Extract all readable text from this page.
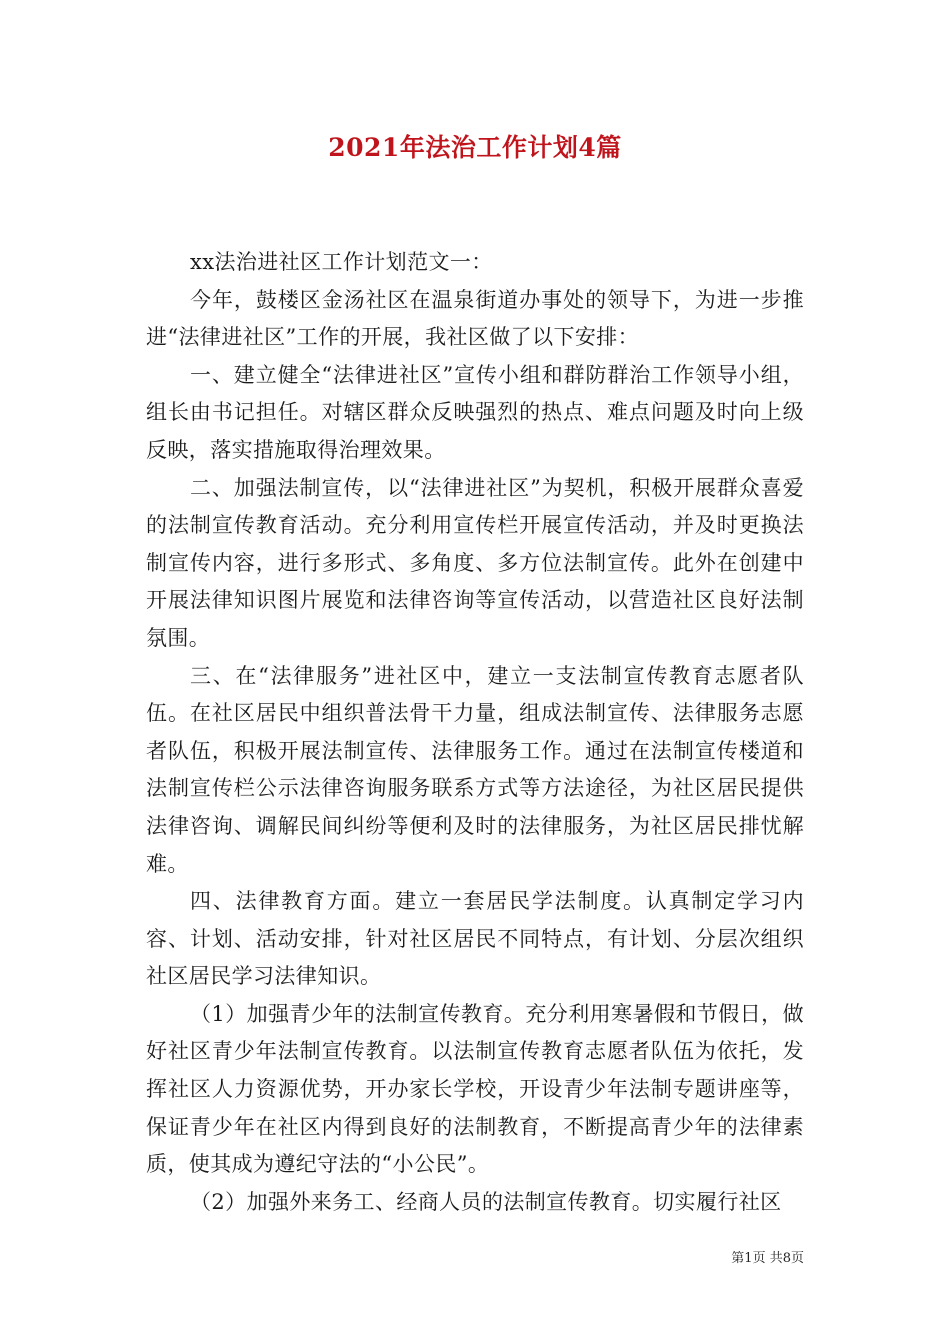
2021年法治工作计划4篇

xx法治进社区工作计划范文一：

今年，鼓楼区金汤社区在温泉街道办事处的领导下，为进一步推进“法律进社区”工作的开展，我社区做了以下安排：

一、建立健全“法律进社区”宣传小组和群防群治工作领导小组，组长由书记担任。对辖区群众反映强烈的热点、难点问题及时向上级反映，落实措施取得治理效果。

二、加强法制宣传，以“法律进社区”为契机，积极开展群众喜爱的法制宣传教育活动。充分利用宣传栏开展宣传活动，并及时更换法制宣传内容，进行多形式、多角度、多方位法制宣传。此外在创建中开展法律知识图片展览和法律咨询等宣传活动，以营造社区良好法制氛围。

三、在“法律服务”进社区中，建立一支法制宣传教育志愿者队伍。在社区居民中组织普法骨干力量，组成法制宣传、法律服务志愿者队伍，积极开展法制宣传、法律服务工作。通过在法制宣传楼道和法制宣传栏公示法律咨询服务联系方式等方法途径，为社区居民提供法律咨询、调解民间纠纷等便利及时的法律服务，为社区居民排忧解难。

四、法律教育方面。建立一套居民学法制度。认真制定学习内容、计划、活动安排，针对社区居民不同特点，有计划、分层次组织社区居民学习法律知识。

（1）加强青少年的法制宣传教育。充分利用寒暑假和节假日，做好社区青少年法制宣传教育。以法制宣传教育志愿者队伍为依托，发挥社区人力资源优势，开办家长学校，开设青少年法制专题讲座等，保证青少年在社区内得到良好的法制教育，不断提高青少年的法律素质，使其成为遵纪守法的“小公民”。

（2）加强外来务工、经商人员的法制宣传教育。切实履行社区

第1页 共8页
